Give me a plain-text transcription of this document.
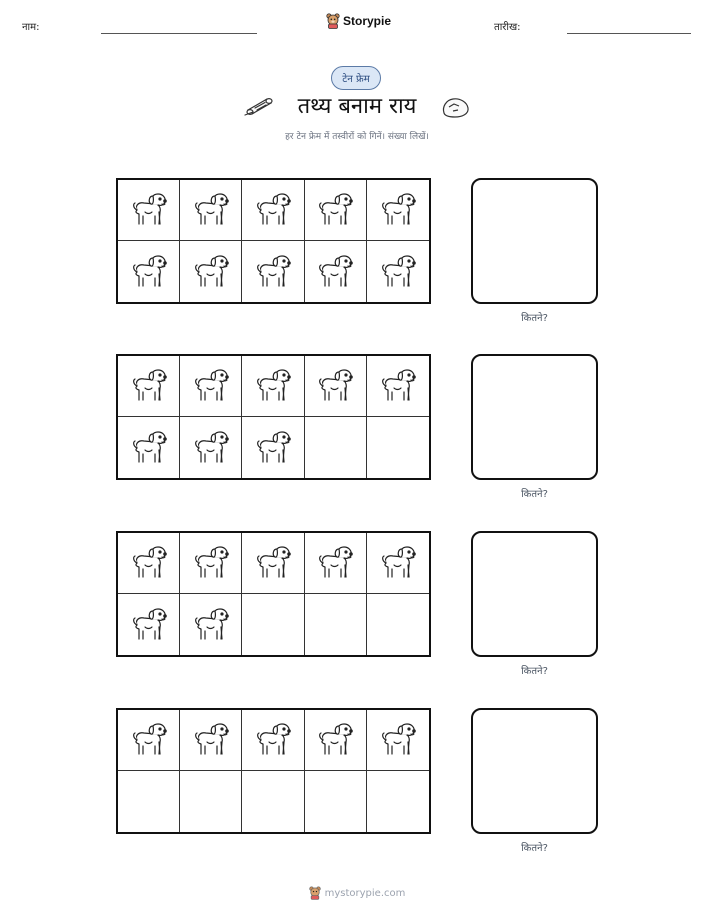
नाम:	Storypie	तारीख:
टेन फ्रेम
तथ्य बनाम राय
हर टेन फ्रेम में तस्वीरों को गिनें। संख्या लिखें।
कितने?
कितने?
कितने?
कितने?
mystorypie.com
